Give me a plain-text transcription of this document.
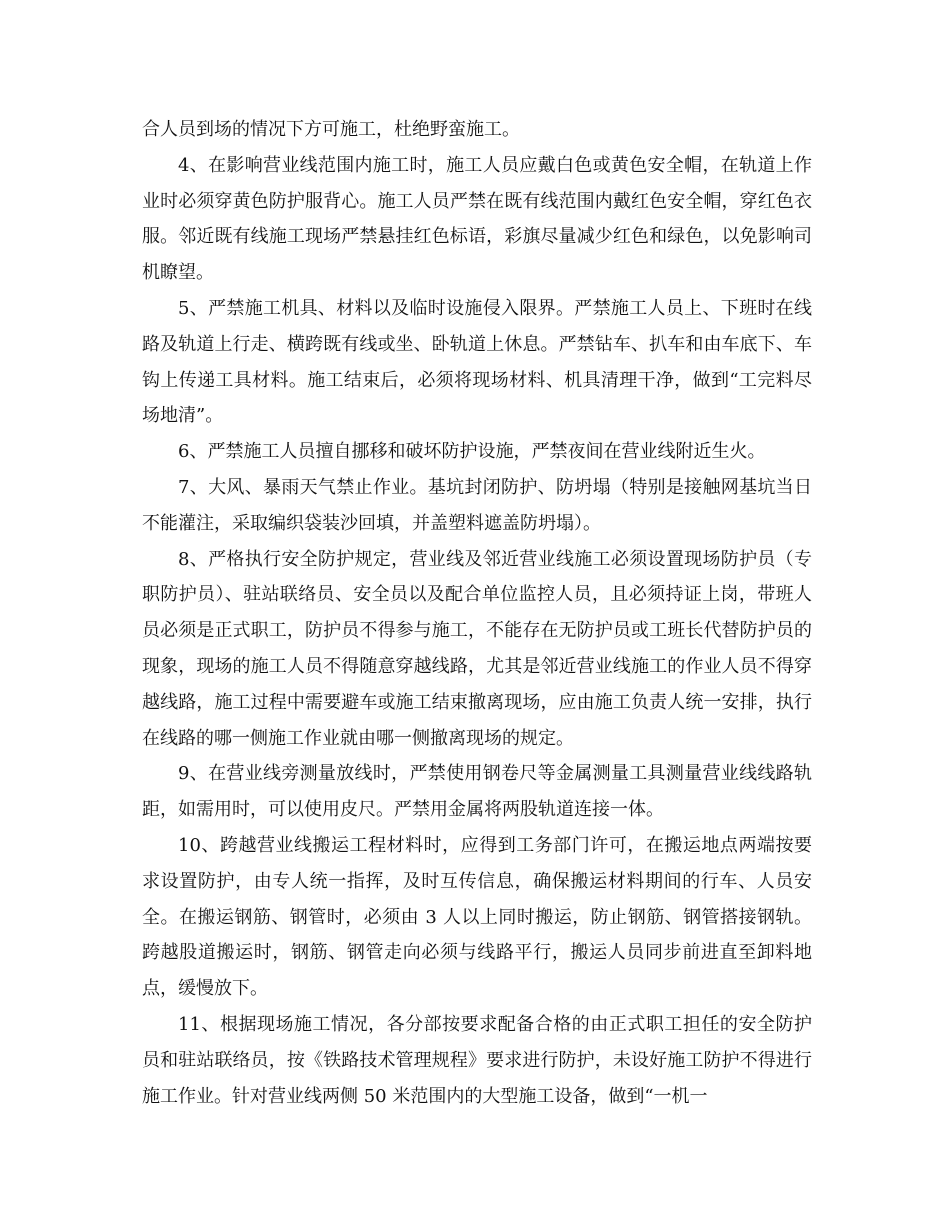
合人员到场的情况下方可施工，杜绝野蛮施工。

4、在影响营业线范围内施工时，施工人员应戴白色或黄色安全帽，在轨道上作业时必须穿黄色防护服背心。施工人员严禁在既有线范围内戴红色安全帽，穿红色衣服。邻近既有线施工现场严禁悬挂红色标语，彩旗尽量减少红色和绿色，以免影响司机瞭望。

5、严禁施工机具、材料以及临时设施侵入限界。严禁施工人员上、下班时在线路及轨道上行走、横跨既有线或坐、卧轨道上休息。严禁钻车、扒车和由车底下、车钩上传递工具材料。施工结束后，必须将现场材料、机具清理干净，做到“工完料尽场地清”。

6、严禁施工人员擅自挪移和破坏防护设施，严禁夜间在营业线附近生火。

7、大风、暴雨天气禁止作业。基坑封闭防护、防坍塌（特别是接触网基坑当日不能灌注，采取编织袋装沙回填，并盖塑料遮盖防坍塌）。

8、严格执行安全防护规定，营业线及邻近营业线施工必须设置现场防护员（专职防护员）、驻站联络员、安全员以及配合单位监控人员，且必须持证上岗，带班人员必须是正式职工，防护员不得参与施工，不能存在无防护员或工班长代替防护员的现象，现场的施工人员不得随意穿越线路，尤其是邻近营业线施工的作业人员不得穿越线路，施工过程中需要避车或施工结束撤离现场，应由施工负责人统一安排，执行在线路的哪一侧施工作业就由哪一侧撤离现场的规定。

9、在营业线旁测量放线时，严禁使用钢卷尺等金属测量工具测量营业线线路轨距，如需用时，可以使用皮尺。严禁用金属将两股轨道连接一体。

10、跨越营业线搬运工程材料时，应得到工务部门许可，在搬运地点两端按要求设置防护，由专人统一指挥，及时互传信息，确保搬运材料期间的行车、人员安全。在搬运钢筋、钢管时，必须由 3 人以上同时搬运，防止钢筋、钢管搭接钢轨。跨越股道搬运时，钢筋、钢管走向必须与线路平行，搬运人员同步前进直至卸料地点，缓慢放下。

11、根据现场施工情况，各分部按要求配备合格的由正式职工担任的安全防护员和驻站联络员，按《铁路技术管理规程》要求进行防护，未设好施工防护不得进行施工作业。针对营业线两侧 50 米范围内的大型施工设备，做到“一机一
